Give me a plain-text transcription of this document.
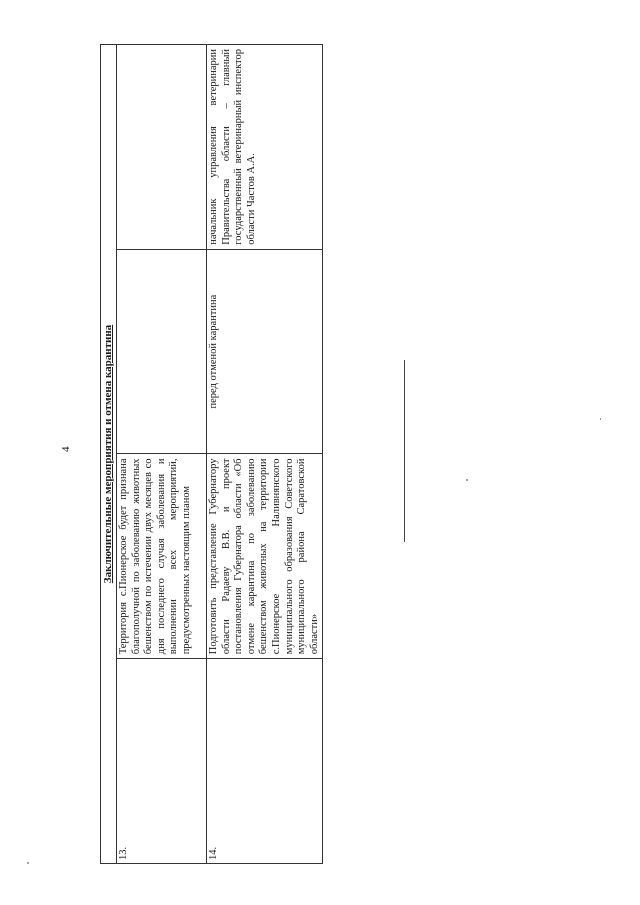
4	Заключительные мероприятия и отмена карантина			
13.	Территория с.Пионерское будет признана благополучной по заболеванию животных бешенством по истечении двух месяцев со дня последнего случая заболевания и выполнении всех мероприятий, предусмотренных настоящим планом		
14.	Подготовить представление Губернатору области Радаеву В.В. и проект постановления Губернатора области «Об отмене карантина по заболеванию бешенством животных на территории с.Пионерское Наливнянского муниципального образования Советского муниципального района Саратовской области»	перед отменой карантина	начальник управления ветеринарии Правительства области – главный государственный ветеринарный инспектор области Частов А.А.
